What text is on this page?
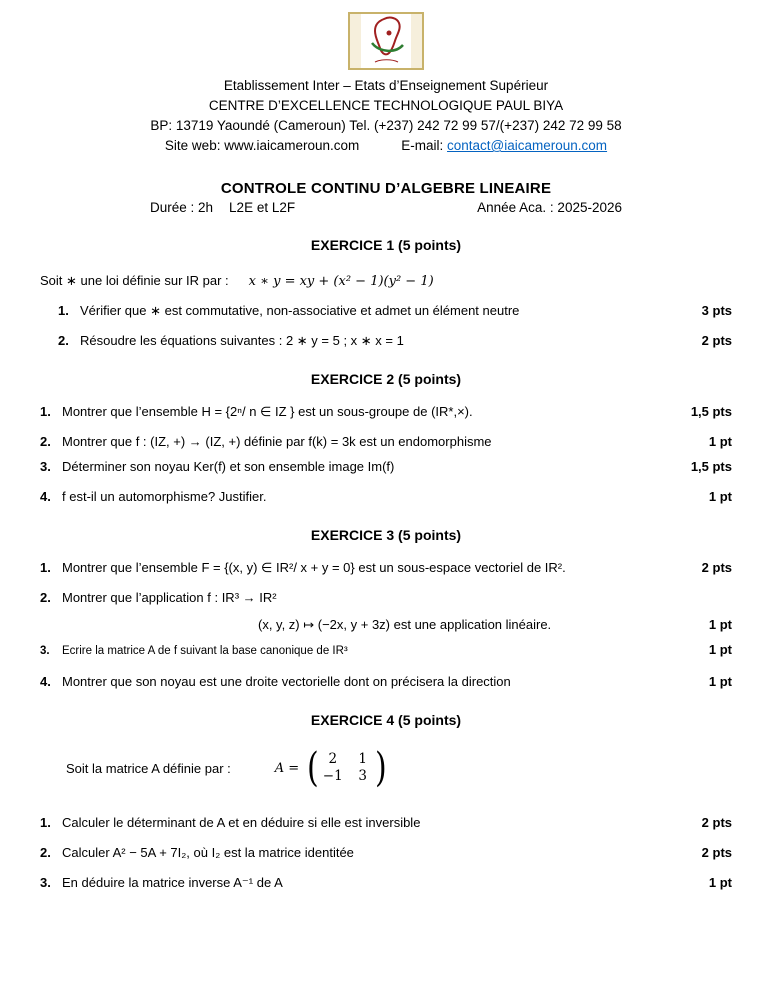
Etablissement Inter – Etats d’Enseignement Supérieur
CENTRE D’EXCELLENCE TECHNOLOGIQUE PAUL BIYA
BP: 13719 Yaoundé (Cameroun) Tel. (+237) 242 72 99 57/(+237) 242 72 99 58
Site web: www.iaicameroun.com	E-mail: contact@iaicameroun.com
CONTROLE CONTINU D’ALGEBRE LINEAIRE
Durée : 2h L2E et L2F	Année Aca. : 2025-2026
EXERCICE 1 (5 points)
Soit ∗ une loi définie sur IR par : x ∗ y = xy + (x² − 1)(y² − 1)
1. Vérifier que ∗ est commutative, non-associative et admet un élément neutre	3 pts
2. Résoudre les équations suivantes : 2 ∗ y = 5 ; x ∗ x = 1	2 pts
EXERCICE 2 (5 points)
1. Montrer que l’ensemble H = {2ⁿ/ n ∈ IZ } est un sous-groupe de (IR*,×).	1,5 pts
2. Montrer que f : (IZ, +) → (IZ, +) définie par f(k) = 3k est un endomorphisme	1 pt
3. Déterminer son noyau Ker(f) et son ensemble image Im(f)	1,5 pts
4. f est-il un automorphisme? Justifier.	1 pt
EXERCICE 3 (5 points)
1. Montrer que l’ensemble F = {(x, y) ∈ IR²/ x + y = 0} est un sous-espace vectoriel de IR².	2 pts
2. Montrer que l’application f : IR³ → IR²
(x, y, z) ↦ (−2x, y + 3z) est une application linéaire.	1 pt
3.	Ecrire la matrice A de f suivant la base canonique de IR³	1 pt
4. Montrer que son noyau est une droite vectorielle dont on précisera la direction	1 pt
EXERCICE 4 (5 points)
Soit la matrice A définie par :	A = ( 2	1
−1 3 )
1. Calculer le déterminant de A et en déduire si elle est inversible	2 pts
2. Calculer A² − 5A + 7I₂, où I₂ est la matrice identitée	2 pts
3. En déduire la matrice inverse A⁻¹ de A	1 pt
